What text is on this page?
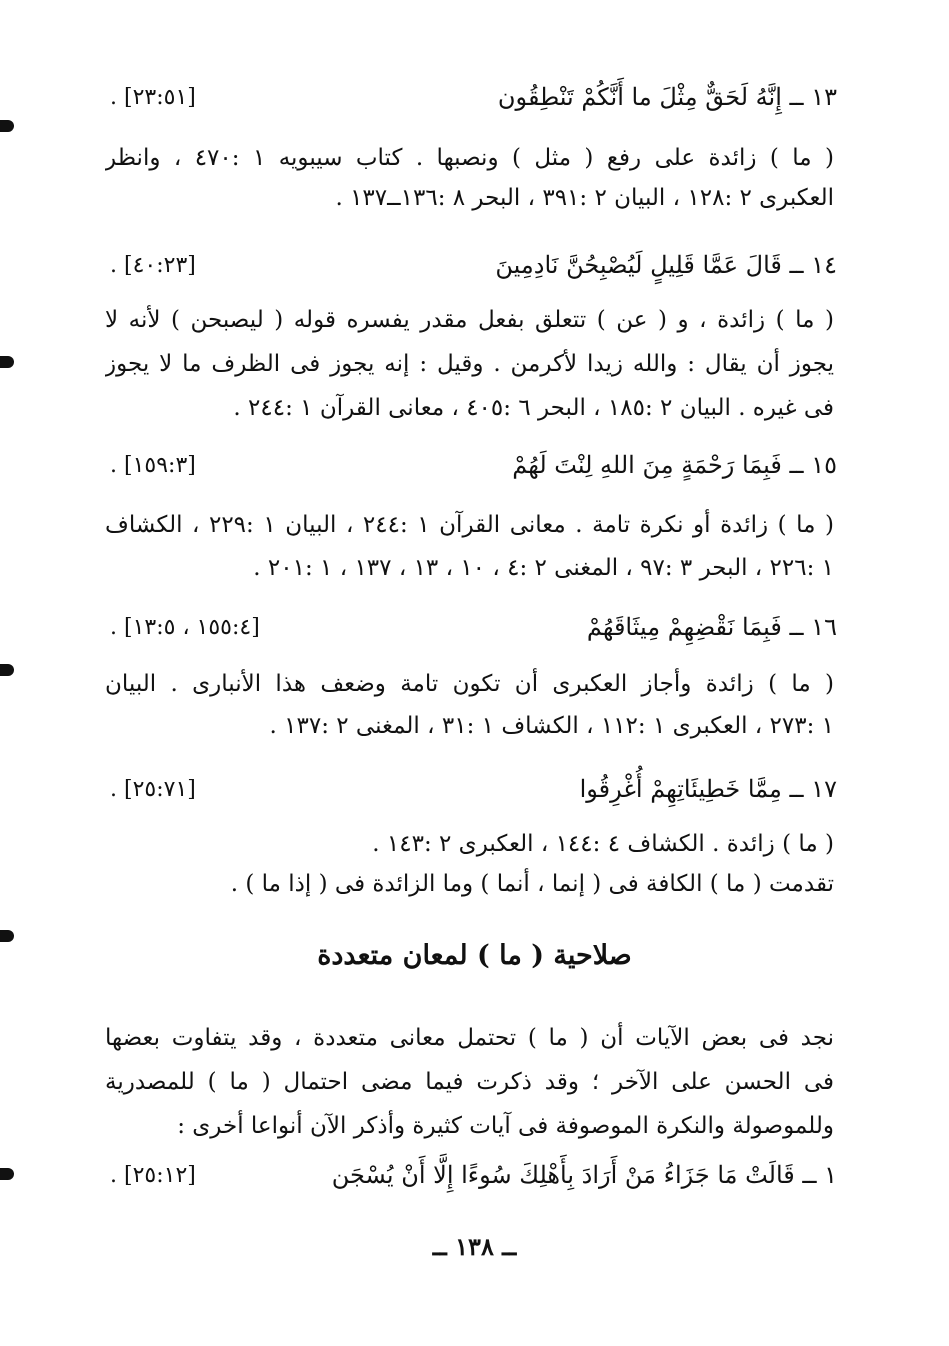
[٢٣:٥١] .	١٣ ــ إِنَّهُ لَحَقٌّ مِثْلَ ما أَنَّكُمْ تَنْطِقُون
( ما ) زائدة على رفع ( مثل ) ونصبها . كتاب سيبويه ١ :٤٧٠ ، وانظر
العكبرى ٢ :١٢٨ ، البيان ٢ :٣٩١ ، البحر ٨ :١٣٦ــ١٣٧ .
[٤٠:٢٣] .	١٤ ــ قَالَ عَمَّا قَلِيلٍ لَيُصْبِحُنَّ نَادِمِينَ
( ما ) زائدة ، و ( عن ) تتعلق بفعل مقدر يفسره قوله ( ليصبحن ) لأنه لا
يجوز أن يقال : والله زيدا لأكرمن . وقيل : إنه يجوز فى الظرف ما لا يجوز
فى غيره . البيان ٢ :١٨٥ ، البحر ٦ :٤٠٥ ، معانى القرآن ١ :٢٤٤ .
[١٥٩:٣] .	١٥ ــ فَبِمَا رَحْمَةٍ مِنَ اللهِ لِنْتَ لَهُمْ
( ما ) زائدة أو نكرة تامة . معانى القرآن ١ :٢٤٤ ، البيان ١ :٢٢٩ ، الكشاف
١ :٢٢٦ ، البحر ٣ :٩٧ ، المغنى ٢ :٤ ، ١٠ ، ١٣ ، ١٣٧ ، ١ :٢٠١ .
[١٥٥:٤ ، ١٣:٥] .	١٦ ــ فَبِمَا نَقْضِهِمْ مِيثَاقَهُمْ
( ما ) زائدة وأجاز العكبرى أن تكون تامة وضعف هذا الأنبارى . البيان
١ :٢٧٣ ، العكبرى ١ :١١٢ ، الكشاف ١ :٣١ ، المغنى ٢ :١٣٧ .
[٢٥:٧١] .	١٧ ــ مِمَّا خَطِيئَاتِهِمْ أُغْرِقُوا
( ما ) زائدة . الكشاف ٤ :١٤٤ ، العكبرى ٢ :١٤٣ .
تقدمت ( ما ) الكافة فى ( إنما ، أنما ) وما الزائدة فى ( إذا ما ) .
صلاحية ( ما ) لمعان متعددة
نجد فى بعض الآيات أن ( ما ) تحتمل معانى متعددة ، وقد يتفاوت بعضها
فى الحسن على الآخر ؛ وقد ذكرت فيما مضى احتمال ( ما ) للمصدرية
وللموصولة والنكرة الموصوفة فى آيات كثيرة وأذكر الآن أنواعا أخرى :
[٢٥:١٢] .	١ ــ قَالَتْ مَا جَزَاءُ مَنْ أَرَادَ بِأَهْلِكَ سُوءًا إِلَّا أَنْ يُسْجَن
ــ ١٣٨ ــ
